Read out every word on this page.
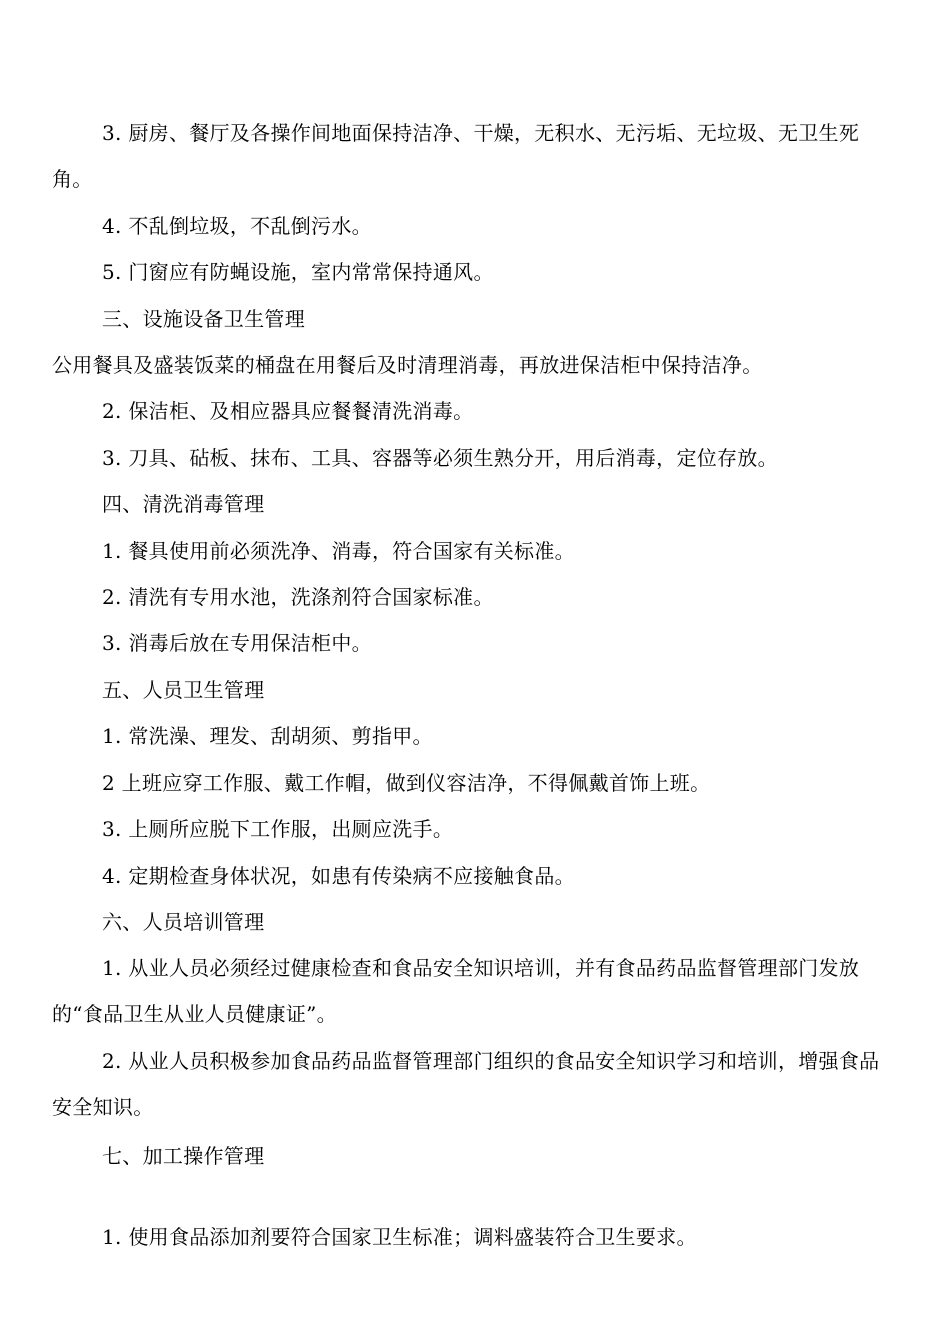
3. 厨房、餐厅及各操作间地面保持洁净、干燥，无积水、无污垢、无垃圾、无卫生死角。

4. 不乱倒垃圾，不乱倒污水。

5. 门窗应有防蝇设施，室内常常保持通风。

三、设施设备卫生管理

公用餐具及盛装饭菜的桶盘在用餐后及时清理消毒，再放进保洁柜中保持洁净。

2. 保洁柜、及相应器具应餐餐清洗消毒。

3. 刀具、砧板、抹布、工具、容器等必须生熟分开，用后消毒，定位存放。

四、清洗消毒管理

1. 餐具使用前必须洗净、消毒，符合国家有关标准。

2. 清洗有专用水池，洗涤剂符合国家标准。

3. 消毒后放在专用保洁柜中。

五、人员卫生管理

1. 常洗澡、理发、刮胡须、剪指甲。

2 上班应穿工作服、戴工作帽，做到仪容洁净，不得佩戴首饰上班。

3. 上厕所应脱下工作服，出厕应洗手。

4. 定期检查身体状况，如患有传染病不应接触食品。

六、人员培训管理

1. 从业人员必须经过健康检查和食品安全知识培训，并有食品药品监督管理部门发放的“食品卫生从业人员健康证”。

2. 从业人员积极参加食品药品监督管理部门组织的食品安全知识学习和培训，增强食品安全知识。

七、加工操作管理

1. 使用食品添加剂要符合国家卫生标准；调料盛装符合卫生要求。
